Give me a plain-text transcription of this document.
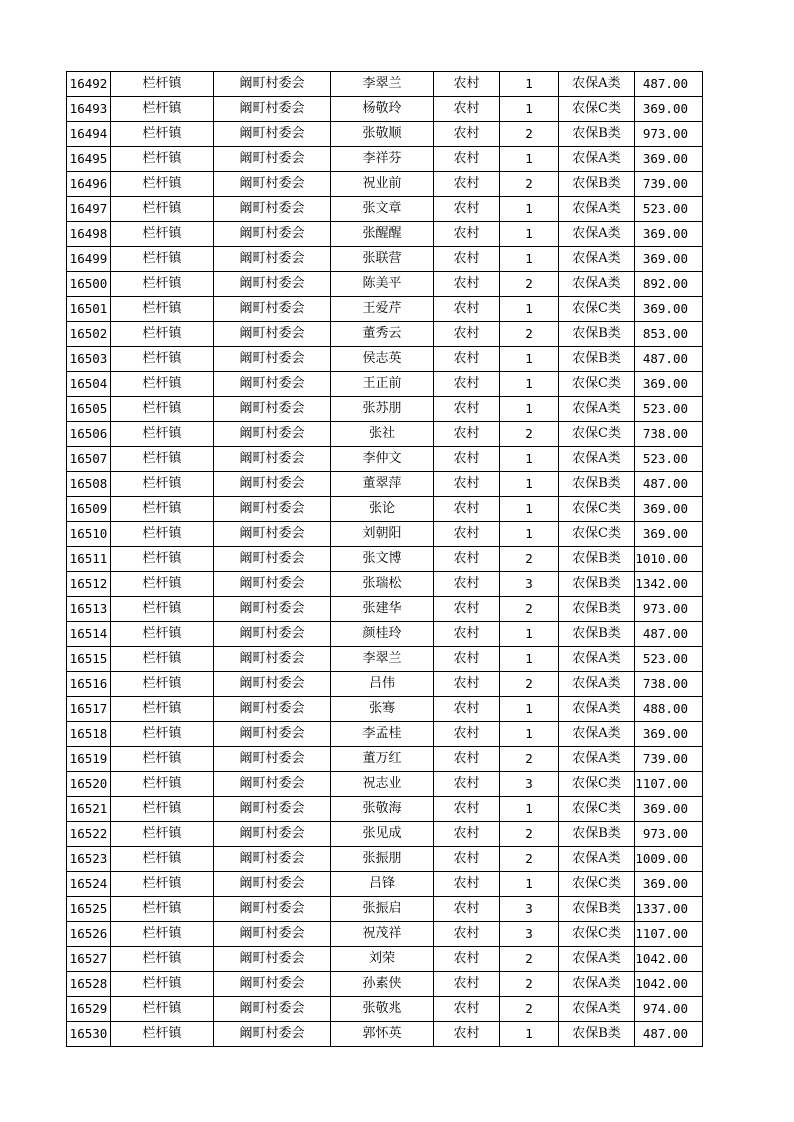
16492	栏杆镇	阚町村委会	李翠兰	农村	1	农保A类	487.00
16493	栏杆镇	阚町村委会	杨敬玲	农村	1	农保C类	369.00
16494	栏杆镇	阚町村委会	张敬顺	农村	2	农保B类	973.00
16495	栏杆镇	阚町村委会	李祥芬	农村	1	农保A类	369.00
16496	栏杆镇	阚町村委会	祝业前	农村	2	农保B类	739.00
16497	栏杆镇	阚町村委会	张文章	农村	1	农保A类	523.00
16498	栏杆镇	阚町村委会	张醒醒	农村	1	农保A类	369.00
16499	栏杆镇	阚町村委会	张联营	农村	1	农保A类	369.00
16500	栏杆镇	阚町村委会	陈美平	农村	2	农保A类	892.00
16501	栏杆镇	阚町村委会	王爱芹	农村	1	农保C类	369.00
16502	栏杆镇	阚町村委会	董秀云	农村	2	农保B类	853.00
16503	栏杆镇	阚町村委会	侯志英	农村	1	农保B类	487.00
16504	栏杆镇	阚町村委会	王正前	农村	1	农保C类	369.00
16505	栏杆镇	阚町村委会	张苏朋	农村	1	农保A类	523.00
16506	栏杆镇	阚町村委会	张社	农村	2	农保C类	738.00
16507	栏杆镇	阚町村委会	李仲文	农村	1	农保A类	523.00
16508	栏杆镇	阚町村委会	董翠萍	农村	1	农保B类	487.00
16509	栏杆镇	阚町村委会	张论	农村	1	农保C类	369.00
16510	栏杆镇	阚町村委会	刘朝阳	农村	1	农保C类	369.00
16511	栏杆镇	阚町村委会	张文博	农村	2	农保B类	1010.00
16512	栏杆镇	阚町村委会	张瑞松	农村	3	农保B类	1342.00
16513	栏杆镇	阚町村委会	张建华	农村	2	农保B类	973.00
16514	栏杆镇	阚町村委会	颜桂玲	农村	1	农保B类	487.00
16515	栏杆镇	阚町村委会	李翠兰	农村	1	农保A类	523.00
16516	栏杆镇	阚町村委会	吕伟	农村	2	农保A类	738.00
16517	栏杆镇	阚町村委会	张骞	农村	1	农保A类	488.00
16518	栏杆镇	阚町村委会	李孟桂	农村	1	农保A类	369.00
16519	栏杆镇	阚町村委会	董万红	农村	2	农保A类	739.00
16520	栏杆镇	阚町村委会	祝志业	农村	3	农保C类	1107.00
16521	栏杆镇	阚町村委会	张敬海	农村	1	农保C类	369.00
16522	栏杆镇	阚町村委会	张见成	农村	2	农保B类	973.00
16523	栏杆镇	阚町村委会	张振朋	农村	2	农保A类	1009.00
16524	栏杆镇	阚町村委会	吕锋	农村	1	农保C类	369.00
16525	栏杆镇	阚町村委会	张振启	农村	3	农保B类	1337.00
16526	栏杆镇	阚町村委会	祝茂祥	农村	3	农保C类	1107.00
16527	栏杆镇	阚町村委会	刘荣	农村	2	农保A类	1042.00
16528	栏杆镇	阚町村委会	孙素侠	农村	2	农保A类	1042.00
16529	栏杆镇	阚町村委会	张敬兆	农村	2	农保A类	974.00
16530	栏杆镇	阚町村委会	郭怀英	农村	1	农保B类	487.00
